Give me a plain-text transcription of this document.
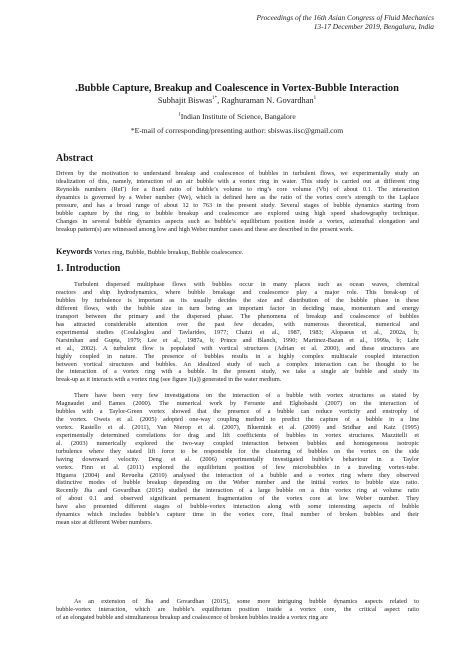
Proceedings of the 16th Asian Congress of Fluid Mechanics
13-17 December 2019, Bengaluru, India
.Bubble Capture, Breakup and Coalescence in Vortex-Bubble Interaction
Subhajit Biswas$^{1*}$, Raghuraman N. Govardhan$^1$
$^1$Indian Institute of Science, Bangalore
*E-mail of corresponding/presenting author: sbiswas.iisc@gmail.com
Abstract
Driven by the motivation to understand breakup and coalescence of bubbles in turbulent flows, we experimentally study an
idealization of this, namely, interaction of an air bubble with a vortex ring in water. This study is carried out at different ring
Reynolds numbers (ReΓ) for a fixed ratio of bubble’s volume to ring’s core volume (Vb) of about 0.1. The interaction
dynamics is governed by a Weber number (We), which is defined here as the ratio of the vortex core’s strength to the Laplace
pressure, and has a broad range of about 12 to 763 in the present study. Several stages of bubble dynamics starting from
bubble capture by the ring, to bubble breakup and coalescence are explored using high speed shadowgraphy technique.
Changes in several bubble dynamics aspects such as bubble’s equilibrium position inside a vortex, azimuthal elongation and
breakup pattern(s) are witnessed among low and high Weber number cases and these are described in the present work.
Keywords Vortex ring, Bubble, Bubble breakup, Bubble coalescence.
1. Introduction
Turbulent dispersed multiphase flows with bubbles occur in many places such as ocean waves, chemical
reactors and ship hydrodynamics, where bubble breakage and coalescence play a major role. This break-up of
bubbles by turbulence is important as its usually decides the size and distribution of the bubble phase in these
different flows, with the bubble size in turn being an important factor in deciding mass, momentum and energy
transport between the primary and the dispersed phase. The phenomena of breakup and coalescence of bubbles
has attracted considerable attention over the past few decades, with numerous theoretical, numerical and
experimental studies (Coulaloglou and Tavlarides, 1977; Chatzi et al., 1987, 1983; Alopaeus et al., 2002a, b;
Narsimhan and Gupta, 1979; Lee et al., 1987a, b; Prince and Blanch, 1990; Martinez-Bazan et al., 1999a, b; Lehr
et al., 2002). A turbulent flow is populated with vortical structures (Adrian et al. 2000), and these structures are
highly coupled in nature. The presence of bubbles results in a highly complex multiscale coupled interaction
between vortical structures and bubbles. An idealized study of such a complex interaction can be thought to be
the interaction of a vortex ring with a bubble. In the present study, we take a single air bubble and study its
break-up as it interacts with a vortex ring (see figure 1(a)) generated in the water medium.
There have been very few investigations on the interaction of a bubble with vortex structures as stated by
Magnaudet and Eames (2000). The numerical work by Ferrante and Elghobashi (2007) on the interaction of
bubbles with a Taylor-Green vortex showed that the presence of a bubble can reduce vorticity and enstrophy of
the vortex. Oweis et al. (2005) adopted one-way coupling method to predict the capture of a bubble in a line
vortex. Rastello et al. (2011), Van Nierop et al. (2007), Bluemink et al. (2009) and Sridhar and Katz (1995)
experimentally determined correlations for drag and lift coefficients of bubbles in vortex structures. Mazzitelli et
al. (2003) numerically explored the two-way coupled interaction between bubbles and homogeneous isotropic
turbulence where they stated lift force to be responsible for the clustering of bubbles on the vortex on the side
having downward velocity. Deng et al. (2006) experimentally investigated bubble’s behaviour in a Taylor
vortex. Finn et al. (2011) explored the equilibrium position of few microbubbles in a traveling vortex-tube.
Higuera (2004) and Revuelta (2010) analysed the interaction of a bubble and a vortex ring where they observed
distinctive modes of bubble breakup depending on the Weber number and the initial vortex to bubble size ratio.
Recently Jha and Govardhan (2015) studied the interaction of a large bubble on a thin vortex ring at volume ratio
of about 0.1 and observed significant permanent fragmentation of the vortex core at low Weber number. They
have also presented different stages of bubble-vortex interaction along with some interesting aspects of bubble
dynamics which includes bubble’s capture time in the vortex core, final number of broken bubbles and their
mean size at different Weber numbers.
As an extension of Jha and Govardhan (2015), some more intriguing bubble dynamics aspects related to
bubble-vortex interaction, which are bubble’s equilibrium position inside a vortex core, the critical aspect ratio
of an elongated bubble and simultaneous breakup and coalescence of broken bubbles inside a vortex ring are
